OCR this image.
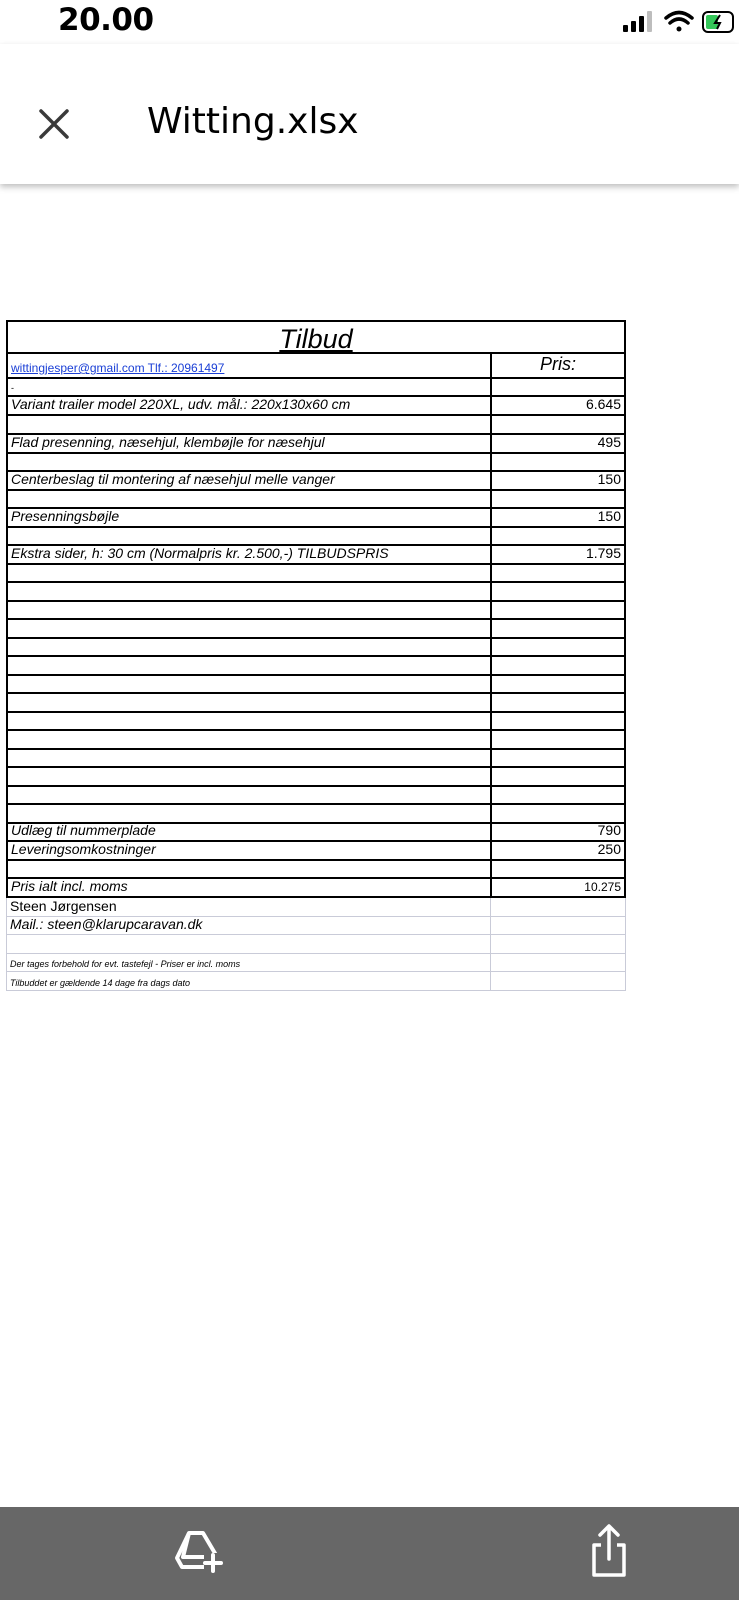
20.00
Witting.xlsx
Tilbud
wittingjesper@gmail.com Tlf.: 20961497	Pris:
-
Variant trailer model 220XL, udv. mål.: 220x130x60 cm	6.645
Flad presenning, næsehjul, klembøjle for næsehjul	495
Centerbeslag til montering af næsehjul melle vanger	150
Presenningsbøjle	150
Ekstra sider, h: 30 cm (Normalpris kr. 2.500,-) TILBUDSPRIS	1.795
Udlæg til nummerplade	790
Leveringsomkostninger	250
Pris ialt incl. moms	10.275
Steen Jørgensen
Mail.: steen@klarupcaravan.dk
Der tages forbehold for evt. tastefejl - Priser er incl. moms
Tilbuddet er gældende 14 dage fra dags dato
